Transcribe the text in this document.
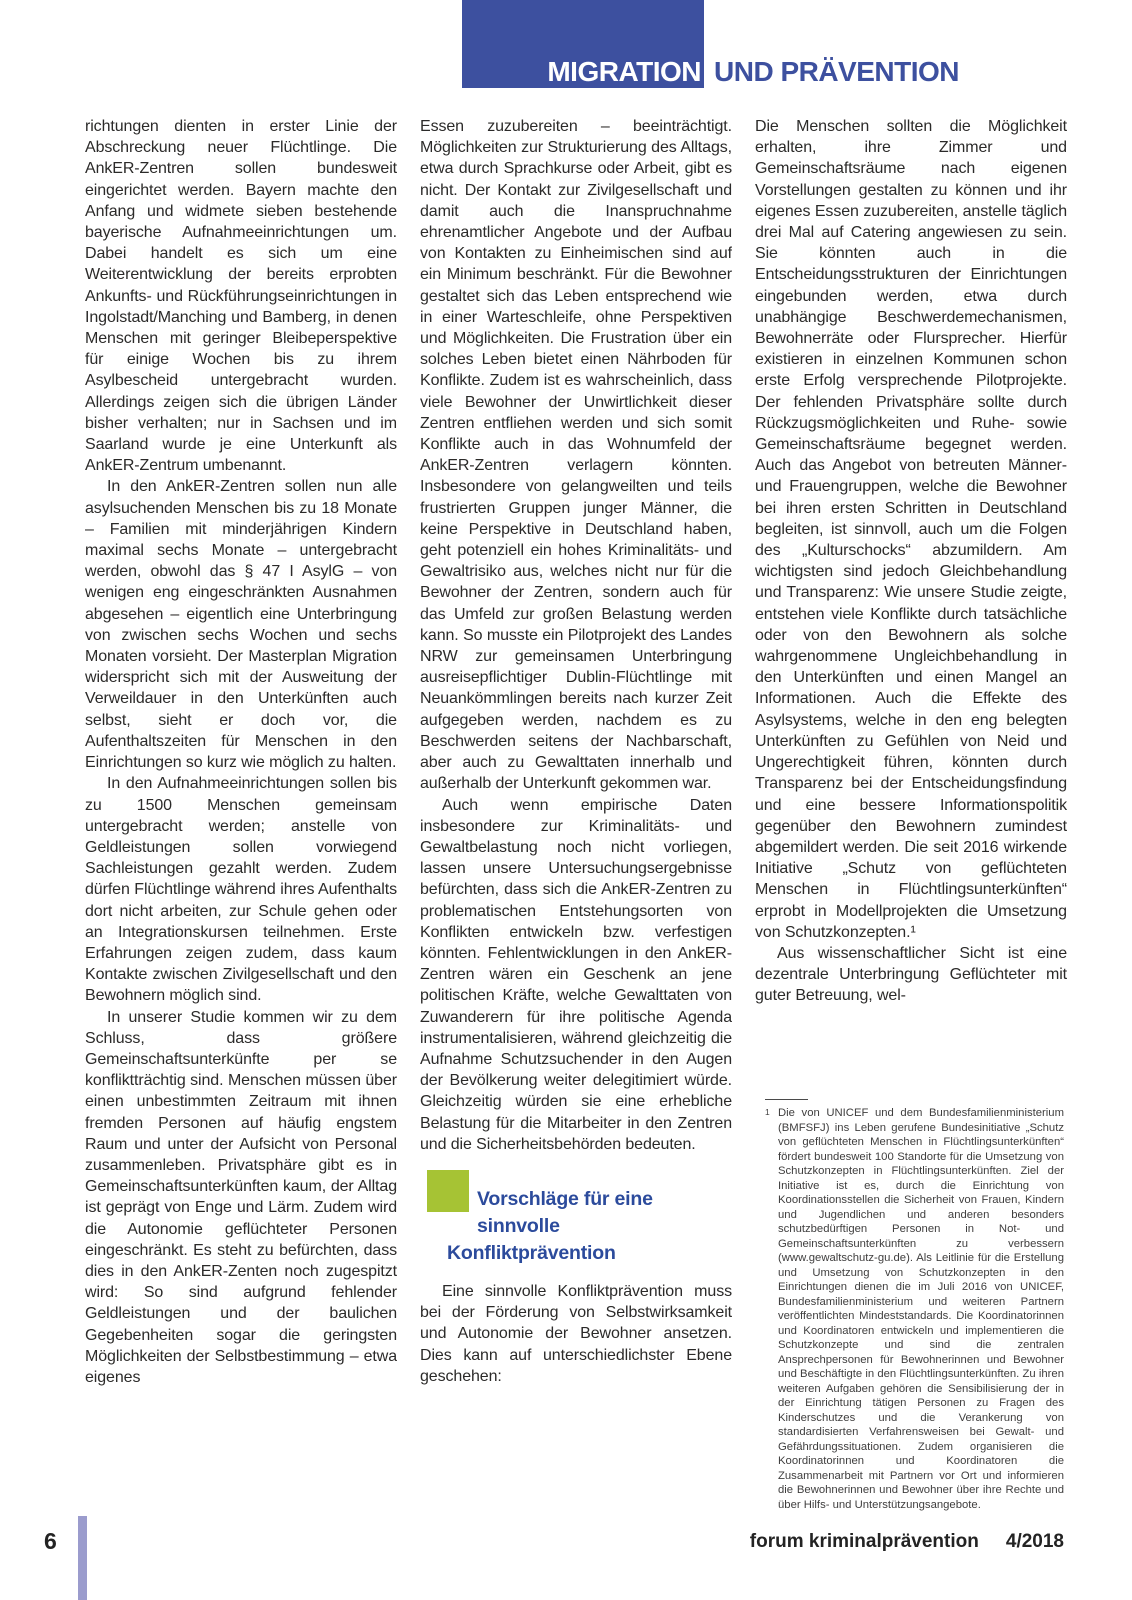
MIGRATION UND PRÄVENTION

richtungen dienten in erster Linie der Abschreckung neuer Flüchtlinge. Die AnkER-Zentren sollen bundesweit eingerichtet werden. Bayern machte den Anfang und widmete sieben bestehende bayerische Aufnahmeeinrichtungen um. Dabei handelt es sich um eine Weiterentwicklung der bereits erprobten Ankunfts- und Rückführungseinrichtungen in Ingolstadt/Manching und Bamberg, in denen Menschen mit geringer Bleibeperspektive für einige Wochen bis zu ihrem Asylbescheid untergebracht wurden. Allerdings zeigen sich die übrigen Länder bisher verhalten; nur in Sachsen und im Saarland wurde je eine Unterkunft als AnkER-Zentrum umbenannt.

In den AnkER-Zentren sollen nun alle asylsuchenden Menschen bis zu 18 Monate – Familien mit minderjährigen Kindern maximal sechs Monate – untergebracht werden, obwohl das § 47 I AsylG – von wenigen eng eingeschränkten Ausnahmen abgesehen – eigentlich eine Unterbringung von zwischen sechs Wochen und sechs Monaten vorsieht. Der Masterplan Migration widerspricht sich mit der Ausweitung der Verweildauer in den Unterkünften auch selbst, sieht er doch vor, die Aufenthaltszeiten für Menschen in den Einrichtungen so kurz wie möglich zu halten.

In den Aufnahmeeinrichtungen sollen bis zu 1500 Menschen gemeinsam untergebracht werden; anstelle von Geldleistungen sollen vorwiegend Sachleistungen gezahlt werden. Zudem dürfen Flüchtlinge während ihres Aufenthalts dort nicht arbeiten, zur Schule gehen oder an Integrationskursen teilnehmen. Erste Erfahrungen zeigen zudem, dass kaum Kontakte zwischen Zivilgesellschaft und den Bewohnern möglich sind.

In unserer Studie kommen wir zu dem Schluss, dass größere Gemeinschaftsunterkünfte per se konfliktträchtig sind. Menschen müssen über einen unbestimmten Zeitraum mit ihnen fremden Personen auf häufig engstem Raum und unter der Aufsicht von Personal zusammenleben. Privatsphäre gibt es in Gemeinschaftsunterkünften kaum, der Alltag ist geprägt von Enge und Lärm. Zudem wird die Autonomie geflüchteter Personen eingeschränkt. Es steht zu befürchten, dass dies in den AnkER-Zenten noch zugespitzt wird: So sind aufgrund fehlender Geldleistungen und der baulichen Gegebenheiten sogar die geringsten Möglichkeiten der Selbstbestimmung – etwa eigenes

Essen zuzubereiten – beeinträchtigt. Möglichkeiten zur Strukturierung des Alltags, etwa durch Sprachkurse oder Arbeit, gibt es nicht. Der Kontakt zur Zivilgesellschaft und damit auch die Inanspruchnahme ehrenamtlicher Angebote und der Aufbau von Kontakten zu Einheimischen sind auf ein Minimum beschränkt. Für die Bewohner gestaltet sich das Leben entsprechend wie in einer Warteschleife, ohne Perspektiven und Möglichkeiten. Die Frustration über ein solches Leben bietet einen Nährboden für Konflikte. Zudem ist es wahrscheinlich, dass viele Bewohner der Unwirtlichkeit dieser Zentren entfliehen werden und sich somit Konflikte auch in das Wohnumfeld der AnkER-Zentren verlagern könnten. Insbesondere von gelangweilten und teils frustrierten Gruppen junger Männer, die keine Perspektive in Deutschland haben, geht potenziell ein hohes Kriminalitäts- und Gewaltrisiko aus, welches nicht nur für die Bewohner der Zentren, sondern auch für das Umfeld zur großen Belastung werden kann. So musste ein Pilotprojekt des Landes NRW zur gemeinsamen Unterbringung ausreisepflichtiger Dublin-Flüchtlinge mit Neuankömmlingen bereits nach kurzer Zeit aufgegeben werden, nachdem es zu Beschwerden seitens der Nachbarschaft, aber auch zu Gewalttaten innerhalb und außerhalb der Unterkunft gekommen war.

Auch wenn empirische Daten insbesondere zur Kriminalitäts- und Gewaltbelastung noch nicht vorliegen, lassen unsere Untersuchungsergebnisse befürchten, dass sich die AnkER-Zentren zu problematischen Entstehungsorten von Konflikten entwickeln bzw. verfestigen könnten. Fehlentwicklungen in den AnkER-Zentren wären ein Geschenk an jene politischen Kräfte, welche Gewalttaten von Zuwanderern für ihre politische Agenda instrumentalisieren, während gleichzeitig die Aufnahme Schutzsuchender in den Augen der Bevölkerung weiter delegitimiert würde. Gleichzeitig würden sie eine erhebliche Belastung für die Mitarbeiter in den Zentren und die Sicherheitsbehörden bedeuten.

Vorschläge für eine sinnvolle
Konfliktprävention

Eine sinnvolle Konfliktprävention muss bei der Förderung von Selbstwirksamkeit und Autonomie der Bewohner ansetzen. Dies kann auf unterschiedlichster Ebene geschehen:

Die Menschen sollten die Möglichkeit erhalten, ihre Zimmer und Gemeinschaftsräume nach eigenen Vorstellungen gestalten zu können und ihr eigenes Essen zuzubereiten, anstelle täglich drei Mal auf Catering angewiesen zu sein. Sie könnten auch in die Entscheidungsstrukturen der Einrichtungen eingebunden werden, etwa durch unabhängige Beschwerdemechanismen, Bewohnerräte oder Flursprecher. Hierfür existieren in einzelnen Kommunen schon erste Erfolg versprechende Pilotprojekte. Der fehlenden Privatsphäre sollte durch Rückzugsmöglichkeiten und Ruhe- sowie Gemeinschaftsräume begegnet werden. Auch das Angebot von betreuten Männer- und Frauengruppen, welche die Bewohner bei ihren ersten Schritten in Deutschland begleiten, ist sinnvoll, auch um die Folgen des „Kulturschocks“ abzumildern. Am wichtigsten sind jedoch Gleichbehandlung und Transparenz: Wie unsere Studie zeigte, entstehen viele Konflikte durch tatsächliche oder von den Bewohnern als solche wahrgenommene Ungleichbehandlung in den Unterkünften und einen Mangel an Informationen. Auch die Effekte des Asylsystems, welche in den eng belegten Unterkünften zu Gefühlen von Neid und Ungerechtigkeit führen, könnten durch Transparenz bei der Entscheidungsfindung und eine bessere Informationspolitik gegenüber den Bewohnern zumindest abgemildert werden. Die seit 2016 wirkende Initiative „Schutz von geflüchteten Menschen in Flüchtlingsunterkünften“ erprobt in Modellprojekten die Umsetzung von Schutzkonzepten.¹

Aus wissenschaftlicher Sicht ist eine dezentrale Unterbringung Geflüchteter mit guter Betreuung, wel-

1 Die von UNICEF und dem Bundesfamilienministerium (BMFSFJ) ins Leben gerufene Bundesinitiative „Schutz von geflüchteten Menschen in Flüchtlingsunterkünften“ fördert bundesweit 100 Standorte für die Umsetzung von Schutzkonzepten in Flüchtlingsunterkünften. Ziel der Initiative ist es, durch die Einrichtung von Koordinationsstellen die Sicherheit von Frauen, Kindern und Jugendlichen und anderen besonders schutzbedürftigen Personen in Not- und Gemeinschaftsunterkünften zu verbessern (www.gewaltschutz-gu.de). Als Leitlinie für die Erstellung und Umsetzung von Schutzkonzepten in den Einrichtungen dienen die im Juli 2016 von UNICEF, Bundesfamilienministerium und weiteren Partnern veröffentlichten Mindeststandards. Die Koordinatorinnen und Koordinatoren entwickeln und implementieren die Schutzkonzepte und sind die zentralen Ansprechpersonen für Bewohnerinnen und Bewohner und Beschäftigte in den Flüchtlingsunterkünften. Zu ihren weiteren Aufgaben gehören die Sensibilisierung der in der Einrichtung tätigen Personen zu Fragen des Kinderschutzes und die Verankerung von standardisierten Verfahrensweisen bei Gewalt- und Gefährdungssituationen. Zudem organisieren die Koordinatorinnen und Koordinatoren die Zusammenarbeit mit Partnern vor Ort und informieren die Bewohnerinnen und Bewohner über ihre Rechte und über Hilfs- und Unterstützungsangebote.
6	forum kriminalprävention 4/2018
